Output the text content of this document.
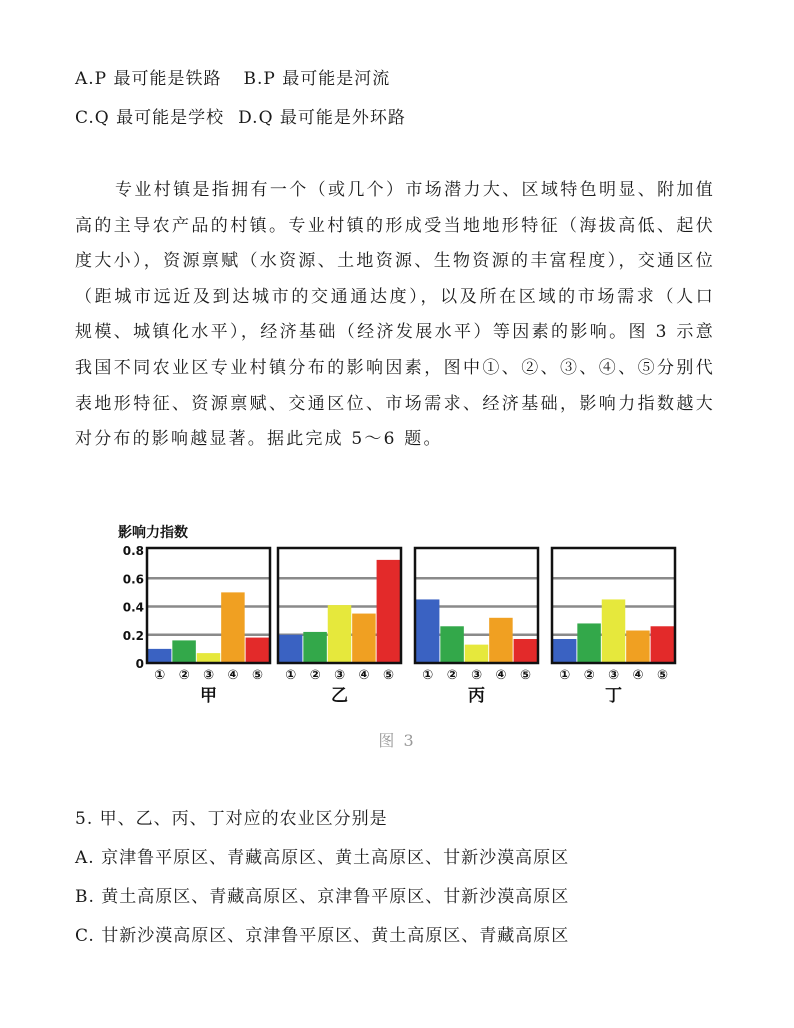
A.P 最可能是铁路 B.P 最可能是河流
C.Q 最可能是学校 D.Q 最可能是外环路

专业村镇是指拥有一个（或几个）市场潜力大、区域特色明显、附加值高的主导农产品的村镇。专业村镇的形成受当地地形特征（海拔高低、起伏度大小），资源禀赋（水资源、土地资源、生物资源的丰富程度），交通区位（距城市远近及到达城市的交通通达度），以及所在区域的市场需求（人口规模、城镇化水平），经济基础（经济发展水平）等因素的影响。图 3 示意我国不同农业区专业村镇分布的影响因素，图中①、②、③、④、⑤分别代表地形特征、资源禀赋、交通区位、市场需求、经济基础，影响力指数越大对分布的影响越显著。据此完成 5～6 题。

影响力指数
0
0.2
0.4
0.6
0.8
① ② ③ ④ ⑤
甲
① ② ③ ④ ⑤
乙
① ② ③ ④ ⑤
丙
① ② ③ ④ ⑤
丁
图 3
5. 甲、乙、丙、丁对应的农业区分别是
A. 京津鲁平原区、青藏高原区、黄土高原区、甘新沙漠高原区
B. 黄土高原区、青藏高原区、京津鲁平原区、甘新沙漠高原区
C. 甘新沙漠高原区、京津鲁平原区、黄土高原区、青藏高原区
